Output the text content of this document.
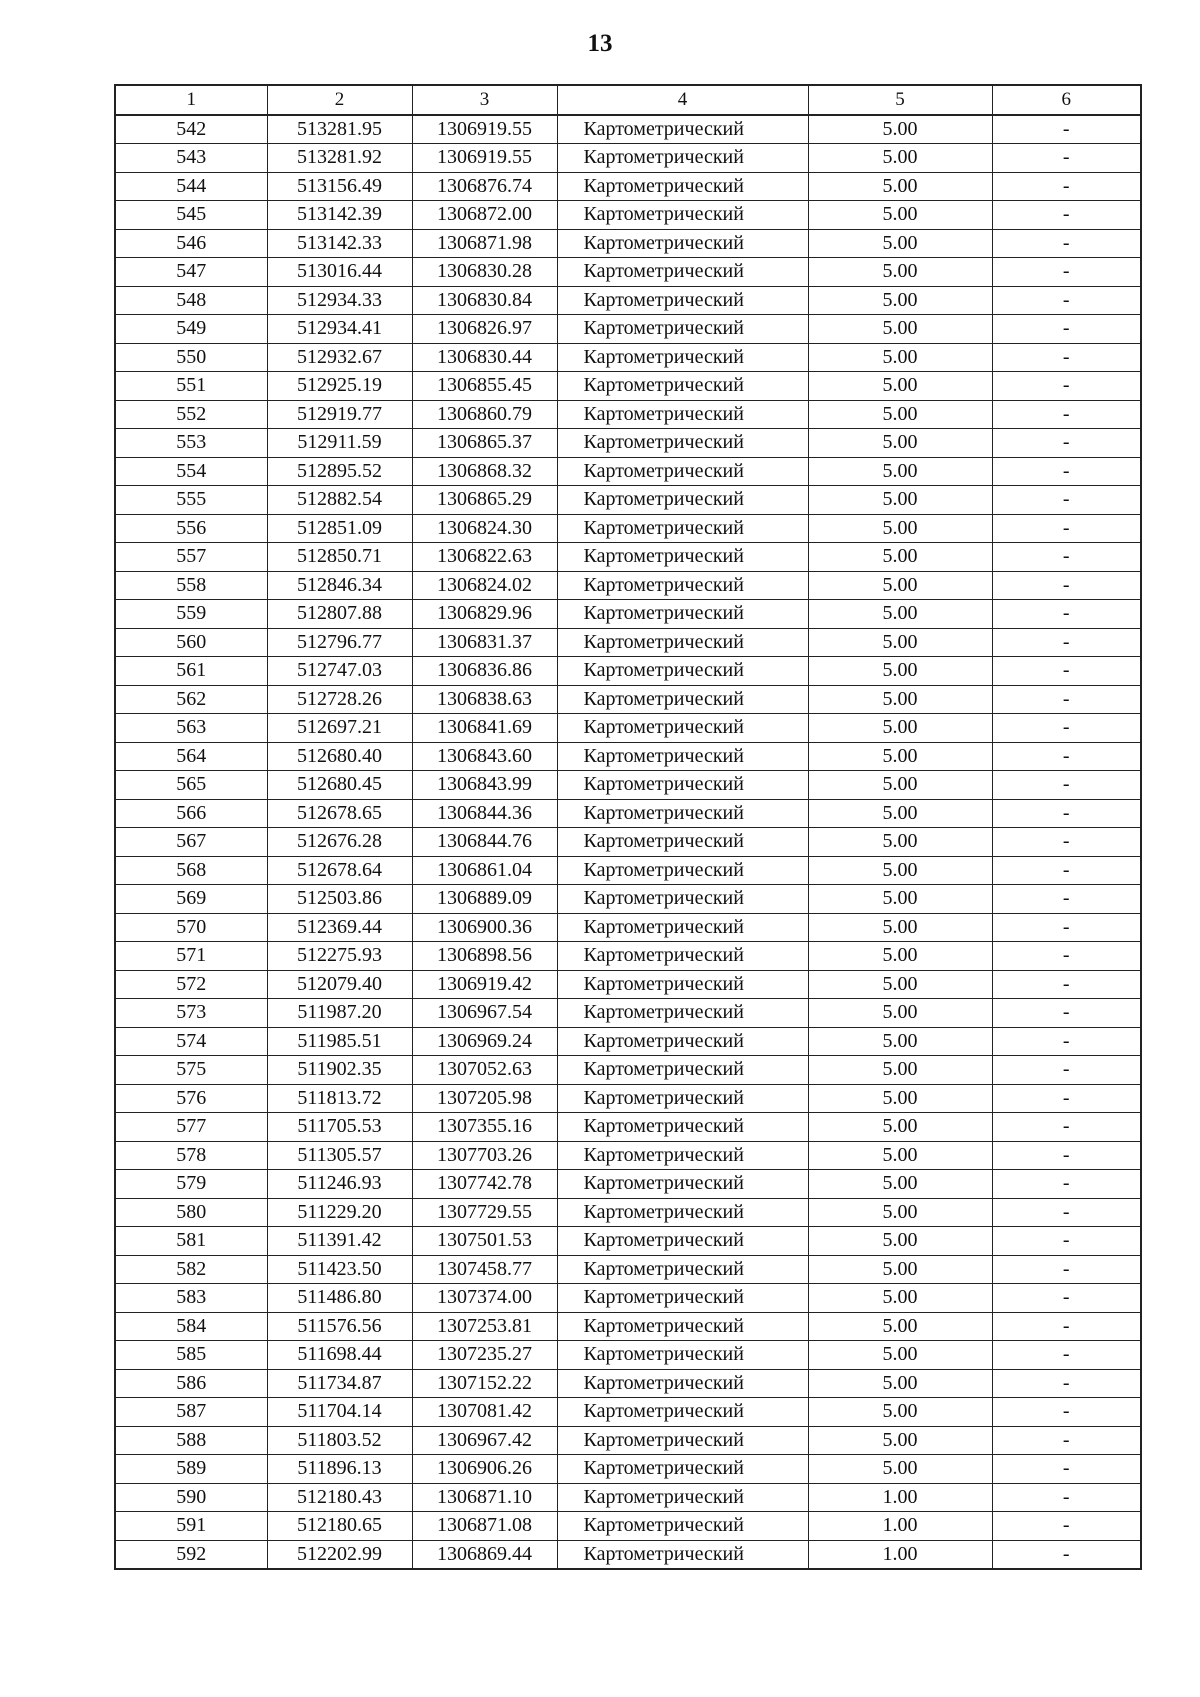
13
1	2	3	4	5	6
542	513281.95	1306919.55	Картометрический	5.00	-
543	513281.92	1306919.55	Картометрический	5.00	-
544	513156.49	1306876.74	Картометрический	5.00	-
545	513142.39	1306872.00	Картометрический	5.00	-
546	513142.33	1306871.98	Картометрический	5.00	-
547	513016.44	1306830.28	Картометрический	5.00	-
548	512934.33	1306830.84	Картометрический	5.00	-
549	512934.41	1306826.97	Картометрический	5.00	-
550	512932.67	1306830.44	Картометрический	5.00	-
551	512925.19	1306855.45	Картометрический	5.00	-
552	512919.77	1306860.79	Картометрический	5.00	-
553	512911.59	1306865.37	Картометрический	5.00	-
554	512895.52	1306868.32	Картометрический	5.00	-
555	512882.54	1306865.29	Картометрический	5.00	-
556	512851.09	1306824.30	Картометрический	5.00	-
557	512850.71	1306822.63	Картометрический	5.00	-
558	512846.34	1306824.02	Картометрический	5.00	-
559	512807.88	1306829.96	Картометрический	5.00	-
560	512796.77	1306831.37	Картометрический	5.00	-
561	512747.03	1306836.86	Картометрический	5.00	-
562	512728.26	1306838.63	Картометрический	5.00	-
563	512697.21	1306841.69	Картометрический	5.00	-
564	512680.40	1306843.60	Картометрический	5.00	-
565	512680.45	1306843.99	Картометрический	5.00	-
566	512678.65	1306844.36	Картометрический	5.00	-
567	512676.28	1306844.76	Картометрический	5.00	-
568	512678.64	1306861.04	Картометрический	5.00	-
569	512503.86	1306889.09	Картометрический	5.00	-
570	512369.44	1306900.36	Картометрический	5.00	-
571	512275.93	1306898.56	Картометрический	5.00	-
572	512079.40	1306919.42	Картометрический	5.00	-
573	511987.20	1306967.54	Картометрический	5.00	-
574	511985.51	1306969.24	Картометрический	5.00	-
575	511902.35	1307052.63	Картометрический	5.00	-
576	511813.72	1307205.98	Картометрический	5.00	-
577	511705.53	1307355.16	Картометрический	5.00	-
578	511305.57	1307703.26	Картометрический	5.00	-
579	511246.93	1307742.78	Картометрический	5.00	-
580	511229.20	1307729.55	Картометрический	5.00	-
581	511391.42	1307501.53	Картометрический	5.00	-
582	511423.50	1307458.77	Картометрический	5.00	-
583	511486.80	1307374.00	Картометрический	5.00	-
584	511576.56	1307253.81	Картометрический	5.00	-
585	511698.44	1307235.27	Картометрический	5.00	-
586	511734.87	1307152.22	Картометрический	5.00	-
587	511704.14	1307081.42	Картометрический	5.00	-
588	511803.52	1306967.42	Картометрический	5.00	-
589	511896.13	1306906.26	Картометрический	5.00	-
590	512180.43	1306871.10	Картометрический	1.00	-
591	512180.65	1306871.08	Картометрический	1.00	-
592	512202.99	1306869.44	Картометрический	1.00	-
